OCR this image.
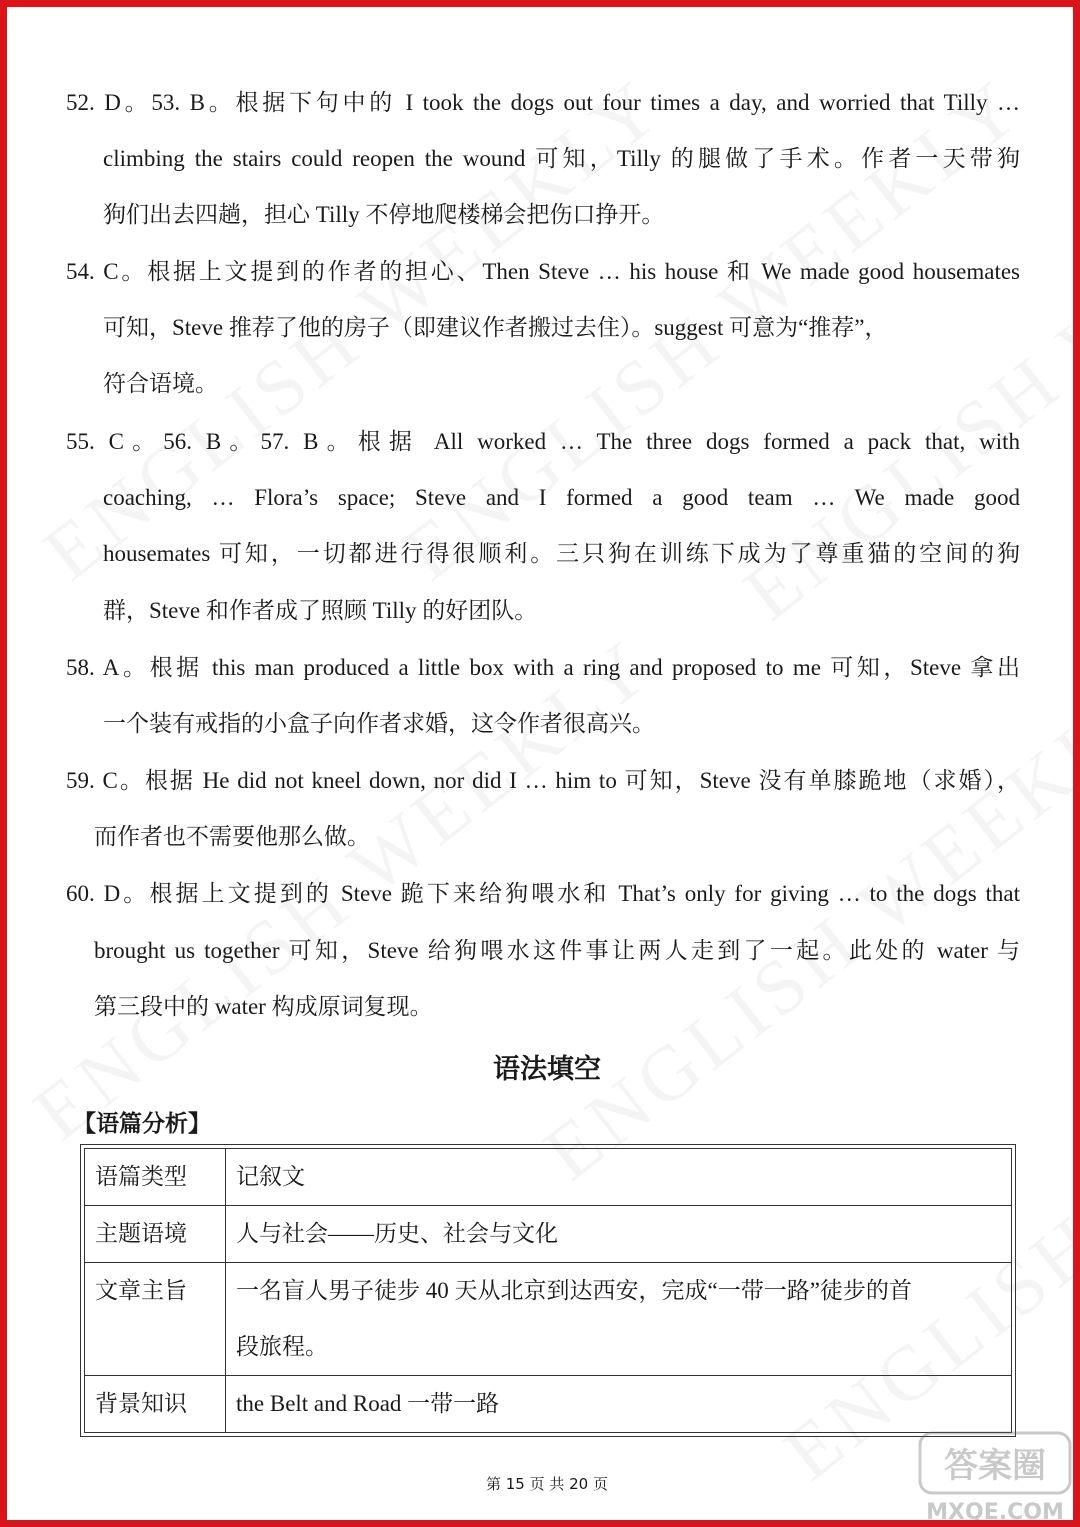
52. D。53. B。根据下句中的 I took the dogs out four times a day, and worried that Tilly …
climbing the stairs could reopen the wound 可知，Tilly 的腿做了手术。作者一天带狗
狗们出去四趟，担心 Tilly 不停地爬楼梯会把伤口挣开。
54. C。根据上文提到的作者的担心、Then Steve … his house 和 We made good housemates
可知，Steve 推荐了他的房子（即建议作者搬过去住）。suggest 可意为“推荐”，
符合语境。
55. C。56. B。57. B。根据 All worked … The three dogs formed a pack that, with
coaching, … Flora’s space; Steve and I formed a good team … We made good
housemates 可知，一切都进行得很顺利。三只狗在训练下成为了尊重猫的空间的狗
群，Steve 和作者成了照顾 Tilly 的好团队。
58. A。根据 this man produced a little box with a ring and proposed to me 可知，Steve 拿出
一个装有戒指的小盒子向作者求婚，这令作者很高兴。
59. C。根据 He did not kneel down, nor did I … him to 可知，Steve 没有单膝跪地（求婚），
而作者也不需要他那么做。
60. D。根据上文提到的 Steve 跪下来给狗喂水和 That’s only for giving … to the dogs that
brought us together 可知，Steve 给狗喂水这件事让两人走到了一起。此处的 water 与
第三段中的 water 构成原词复现。
语法填空
【语篇分析】
语篇类型	记叙文
主题语境	人与社会——历史、社会与文化
文章主旨	一名盲人男子徒步 40 天从北京到达西安，完成“一带一路”徒步的首
段旅程。

背景知识	the Belt and Road 一带一路
第 15 页 共 20 页	答案圈
MXQE.COM
